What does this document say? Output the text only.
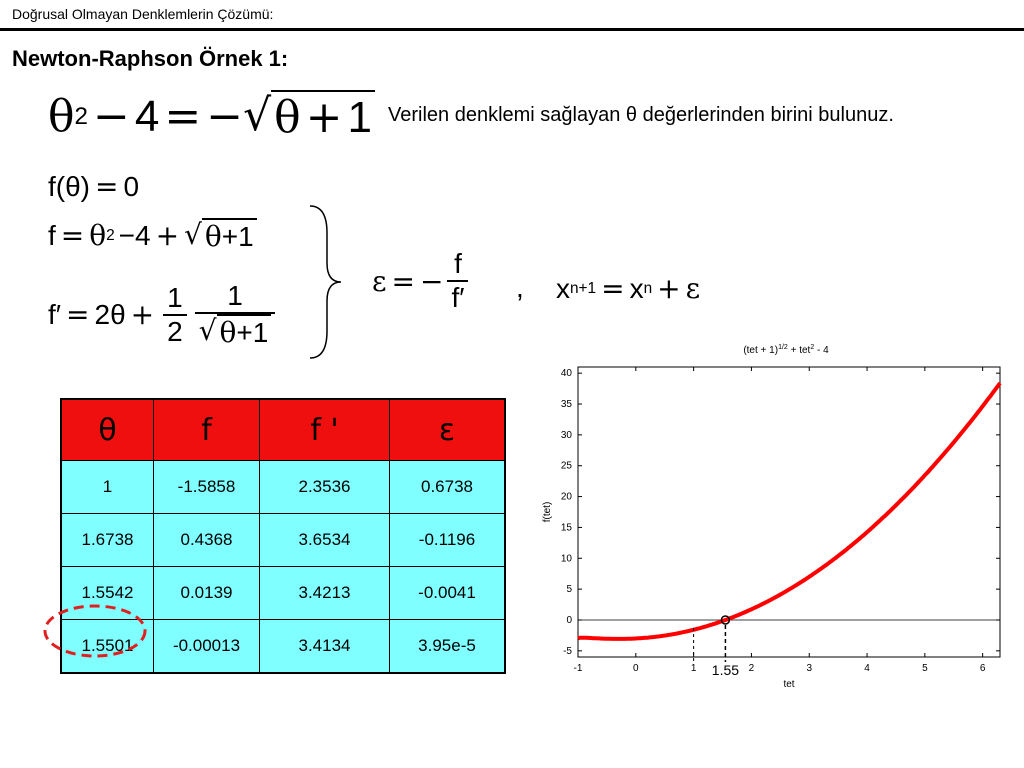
Doğrusal Olmayan Denklemlerin Çözümü:
Newton-Raphson Örnek 1:
θ 2 − 4 = − √ θ + 1 Verilen denklemi sağlayan θ değerlerinden birini bulunuz.
f(θ) = 0
f = θ 2 −4 + √ θ+1
$f' = 2\theta + \frac{1}{2} \frac{1}{√ \theta+1}$	ε = − $\frac{f}{f'}$ , x n+1 = x n + ε
θ	f	f '	ε
1	-1.5858	2.3536	0.6738
1.6738	0.4368	3.6534	-0.1196
1.5542	0.0139	3.4213	-0.0041
1.5501	-0.00013	3.4134	3.95e-5
(tet + 1)$^{1/2}$ + tet$^2$ - 4
-1	0	1	2	3	4	5	6
-5
0
5
10
15
20
25
30
35
40
1.55
tet
f(tet)
